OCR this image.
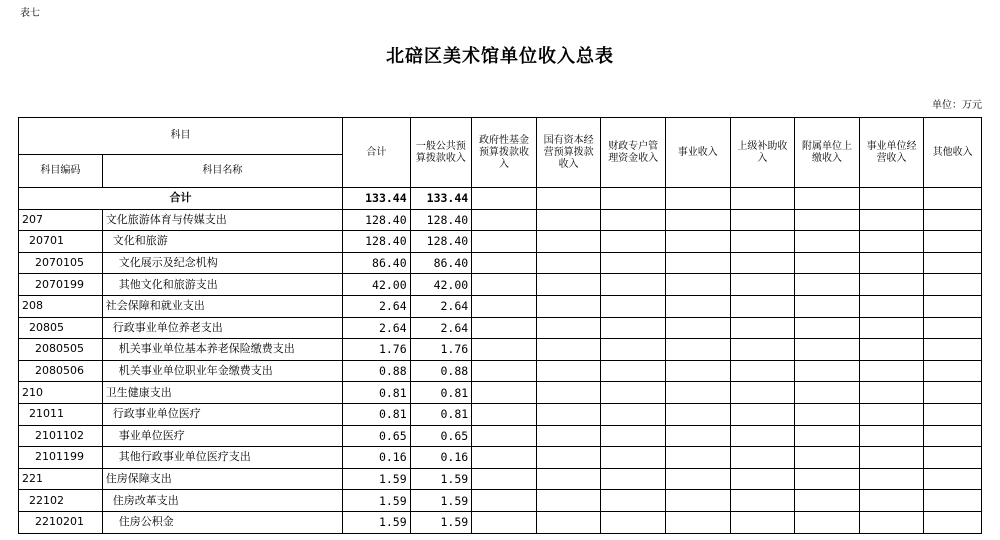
表七
北碚区美术馆单位收入总表
单位：万元
科目		合计	一般公共预算拨款收入	政府性基金预算拨款收入	国有资本经营预算拨款收入	财政专户管理资金收入	事业收入	上级补助收入	附属单位上缴收入	事业单位经营收入	其他收入
科目编码	科目名称										
合计		133.44	133.44								
207	文化旅游体育与传媒支出	128.40	128.40								
20701	文化和旅游	128.40	128.40								
2070105	文化展示及纪念机构	86.40	86.40								
2070199	其他文化和旅游支出	42.00	42.00								
208	社会保障和就业支出	2.64	2.64								
20805	行政事业单位养老支出	2.64	2.64								
2080505	机关事业单位基本养老保险缴费支出	1.76	1.76								
2080506	机关事业单位职业年金缴费支出	0.88	0.88								
210	卫生健康支出	0.81	0.81								
21011	行政事业单位医疗	0.81	0.81								
2101102	事业单位医疗	0.65	0.65								
2101199	其他行政事业单位医疗支出	0.16	0.16								
221	住房保障支出	1.59	1.59								
22102	住房改革支出	1.59	1.59								
2210201	住房公积金	1.59	1.59								
